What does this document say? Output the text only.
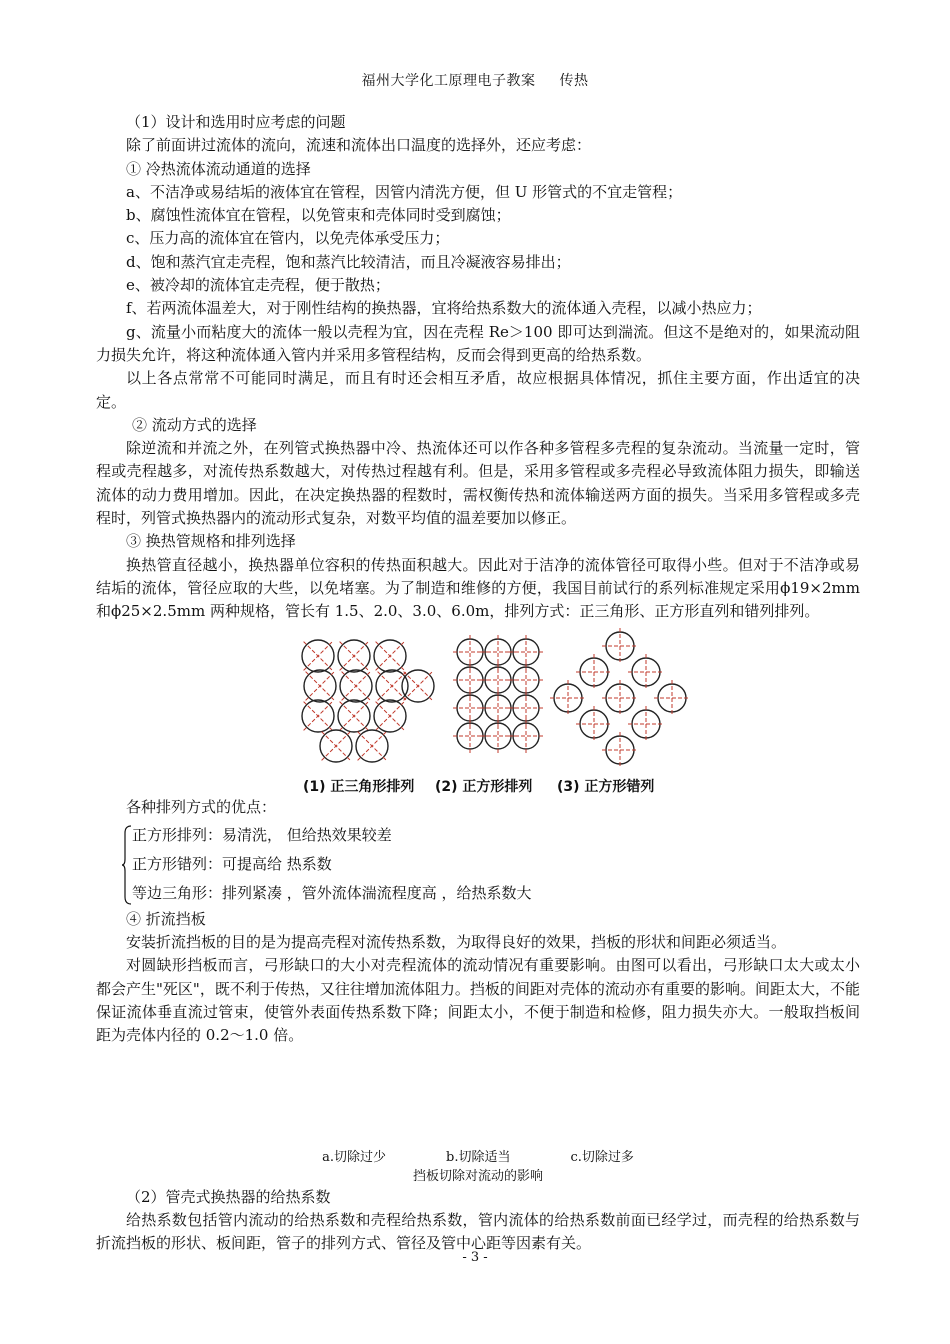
福州大学化工原理电子教案 传热

（1）设计和选用时应考虑的问题

除了前面讲过流体的流向，流速和流体出口温度的选择外，还应考虑：

① 冷热流体流动通道的选择

a、不洁净或易结垢的液体宜在管程，因管内清洗方便，但 U 形管式的不宜走管程；

b、腐蚀性流体宜在管程，以免管束和壳体同时受到腐蚀；

c、压力高的流体宜在管内，以免壳体承受压力；

d、饱和蒸汽宜走壳程，饱和蒸汽比较清洁，而且冷凝液容易排出；

e、被冷却的流体宜走壳程，便于散热；

f、若两流体温差大，对于刚性结构的换热器，宜将给热系数大的流体通入壳程，以减小热应力；

g、流量小而粘度大的流体一般以壳程为宜，因在壳程 Re＞100 即可达到湍流。但这不是绝对的，如果流动阻力损失允许，将这种流体通入管内并采用多管程结构，反而会得到更高的给热系数。

以上各点常常不可能同时满足，而且有时还会相互矛盾，故应根据具体情况，抓住主要方面，作出适宜的决定。

② 流动方式的选择

除逆流和并流之外，在列管式换热器中冷、热流体还可以作各种多管程多壳程的复杂流动。当流量一定时，管程或壳程越多，对流传热系数越大，对传热过程越有利。但是，采用多管程或多壳程必导致流体阻力损失，即输送流体的动力费用增加。因此，在决定换热器的程数时，需权衡传热和流体输送两方面的损失。当采用多管程或多壳程时，列管式换热器内的流动形式复杂，对数平均值的温差要加以修正。

③ 换热管规格和排列选择

换热管直径越小，换热器单位容积的传热面积越大。因此对于洁净的流体管径可取得小些。但对于不洁净或易结垢的流体，管径应取的大些，以免堵塞。为了制造和维修的方便，我国目前试行的系列标准规定采用ϕ19×2mm 和ϕ25×2.5mm 两种规格，管长有 1.5、2.0、3.0、6.0m，排列方式：正三角形、正方形直列和错列排列。

(1) 正三角形排列 (2) 正方形排列 (3) 正方形错列

各种排列方式的优点：

正方形排列：易清洗， 但给热效果较差
正方形错列：可提高给 热系数
等边三角形：排列紧凑 ，管外流体湍流程度高 ，给热系数大

④ 折流挡板

安装折流挡板的目的是为提高壳程对流传热系数，为取得良好的效果，挡板的形状和间距必须适当。

对圆缺形挡板而言，弓形缺口的大小对壳程流体的流动情况有重要影响。由图可以看出，弓形缺口太大或太小都会产生"死区"，既不利于传热，又往往增加流体阻力。挡板的间距对壳体的流动亦有重要的影响。间距太大，不能保证流体垂直流过管束，使管外表面传热系数下降；间距太小，不便于制造和检修，阻力损失亦大。一般取挡板间距为壳体内径的 0.2～1.0 倍。

a.切除过少	b.切除适当	c.切除过多
挡板切除对流动的影响

（2）管壳式换热器的给热系数

给热系数包括管内流动的给热系数和壳程给热系数，管内流体的给热系数前面已经学过，而壳程的给热系数与折流挡板的形状、板间距，管子的排列方式、管径及管中心距等因素有关。

- 3 -
